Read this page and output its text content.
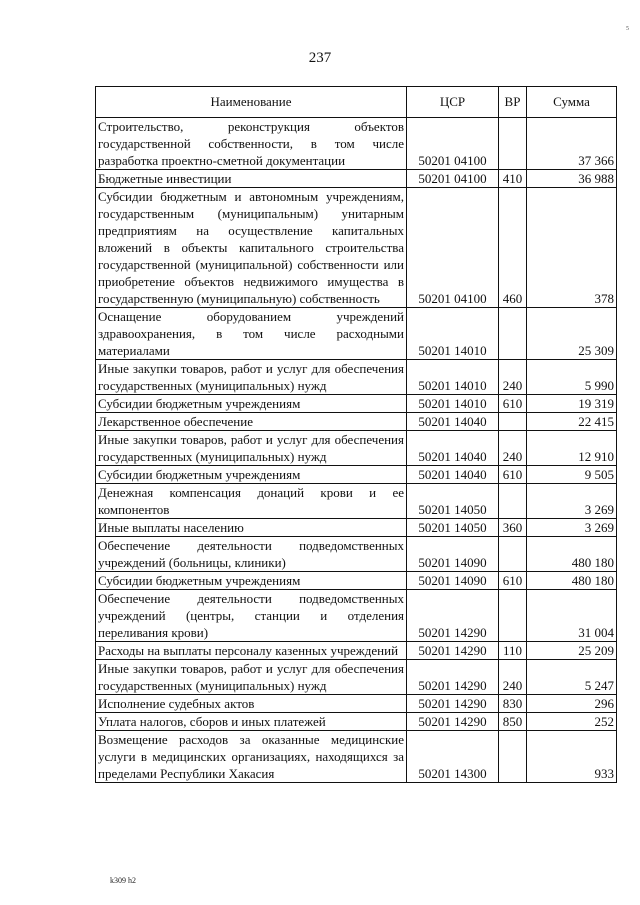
237
5
Наименование	ЦСР	ВР	Сумма
Строительство, реконструкция объектов государственной собственности, в том числе разработка проектно-сметной документации	50201 04100		37 366
Бюджетные инвестиции	50201 04100	410	36 988
Субсидии бюджетным и автономным учреждениям, государственным (муниципальным) унитарным предприятиям на осуществление капитальных вложений в объекты капитального строительства государственной (муниципальной) собственности или приобретение объектов недвижимого имущества в государственную (муниципальную) собственность	50201 04100	460	378
Оснащение оборудованием учреждений здравоохранения, в том числе расходными материалами	50201 14010		25 309
Иные закупки товаров, работ и услуг для обеспечения государственных (муниципальных) нужд	50201 14010	240	5 990
Субсидии бюджетным учреждениям	50201 14010	610	19 319
Лекарственное обеспечение	50201 14040		22 415
Иные закупки товаров, работ и услуг для обеспечения государственных (муниципальных) нужд	50201 14040	240	12 910
Субсидии бюджетным учреждениям	50201 14040	610	9 505
Денежная компенсация донаций крови и ее компонентов	50201 14050		3 269
Иные выплаты населению	50201 14050	360	3 269
Обеспечение деятельности подведомственных учреждений (больницы, клиники)	50201 14090		480 180
Субсидии бюджетным учреждениям	50201 14090	610	480 180
Обеспечение деятельности подведомственных учреждений (центры, станции и отделения переливания крови)	50201 14290		31 004
Расходы на выплаты персоналу казенных учреждений	50201 14290	110	25 209
Иные закупки товаров, работ и услуг для обеспечения государственных (муниципальных) нужд	50201 14290	240	5 247
Исполнение судебных актов	50201 14290	830	296
Уплата налогов, сборов и иных платежей	50201 14290	850	252
Возмещение расходов за оказанные медицинские услуги в медицинских организациях, находящихся за пределами Республики Хакасия	50201 14300		933
k309 h2
